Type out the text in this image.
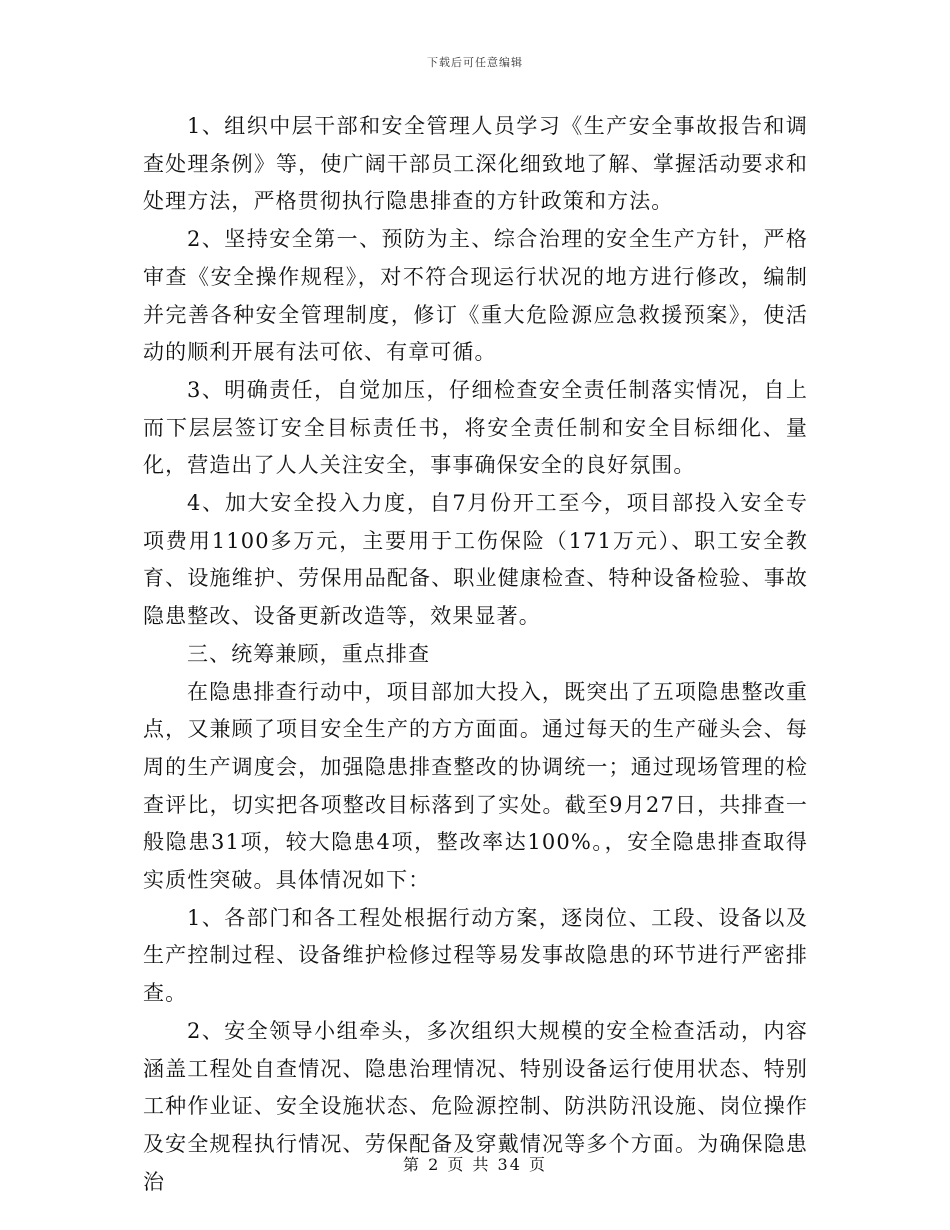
下载后可任意编辑

1、组织中层干部和安全管理人员学习《生产安全事故报告和调查处理条例》等，使广阔干部员工深化细致地了解、掌握活动要求和处理方法，严格贯彻执行隐患排查的方针政策和方法。

2、坚持安全第一、预防为主、综合治理的安全生产方针，严格审查《安全操作规程》，对不符合现运行状况的地方进行修改，编制并完善各种安全管理制度，修订《重大危险源应急救援预案》，使活动的顺利开展有法可依、有章可循。

3、明确责任，自觉加压，仔细检查安全责任制落实情况，自上而下层层签订安全目标责任书，将安全责任制和安全目标细化、量化，营造出了人人关注安全，事事确保安全的良好氛围。

4、加大安全投入力度，自7月份开工至今，项目部投入安全专项费用1100多万元，主要用于工伤保险（171万元）、职工安全教育、设施维护、劳保用品配备、职业健康检查、特种设备检验、事故隐患整改、设备更新改造等，效果显著。

三、统筹兼顾，重点排查

在隐患排查行动中，项目部加大投入，既突出了五项隐患整改重点，又兼顾了项目安全生产的方方面面。通过每天的生产碰头会、每周的生产调度会，加强隐患排查整改的协调统一；通过现场管理的检查评比，切实把各项整改目标落到了实处。截至9月27日，共排查一般隐患31项，较大隐患4项，整改率达100%。，安全隐患排查取得实质性突破。具体情况如下：

1、各部门和各工程处根据行动方案，逐岗位、工段、设备以及生产控制过程、设备维护检修过程等易发事故隐患的环节进行严密排查。

2、安全领导小组牵头，多次组织大规模的安全检查活动，内容涵盖工程处自查情况、隐患治理情况、特别设备运行使用状态、特别工种作业证、安全设施状态、危险源控制、防洪防汛设施、岗位操作及安全规程执行情况、劳保配备及穿戴情况等多个方面。为确保隐患治

第 2 页 共 34 页
